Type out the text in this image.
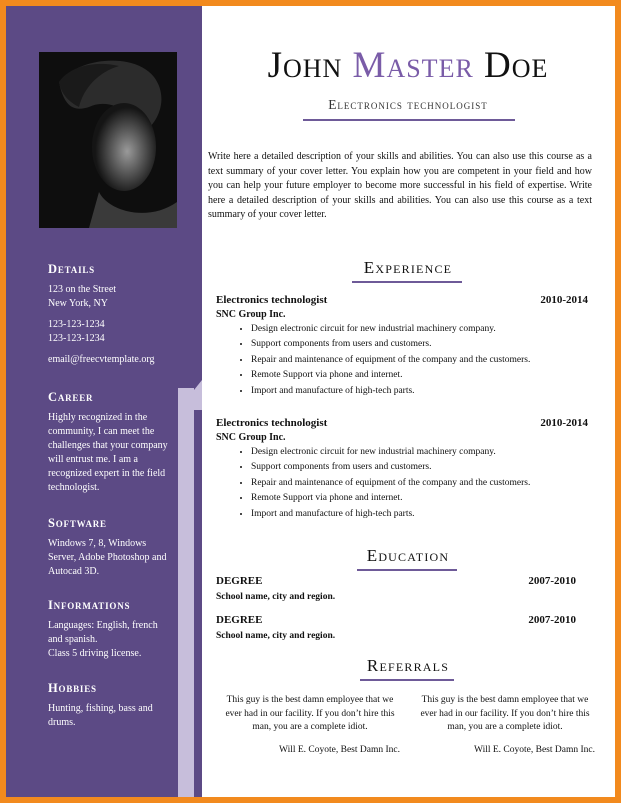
Details

123 on the Street

New York, NY

123-123-1234

123-123-1234

email@freecvtemplate.org

Career

Highly recognized in the community, I can meet the challenges that your company will entrust me. I am a recognized expert in the field technologist.

Software

Windows 7, 8, Windows Server, Adobe Photoshop and Autocad 3D.

Informations

Languages: English, french and spanish.

Class 5 driving license.

Hobbies

Hunting, fishing, bass and drums.

John Master Doe
Electronics technologist
Write here a detailed description of your skills and abilities. You can also use this course as a text summary of your cover letter. You explain how you are competent in your field and how you can help your future employer to become more successful in his field of expertise. Write here a detailed description of your skills and abilities. You can also use this course as a text summary of your cover letter.
Experience
Electronics technologist	2010-2014
SNC Group Inc.
• Design electronic circuit for new industrial machinery company.
• Support components from users and customers.
• Repair and maintenance of equipment of the company and the customers.
• Remote Support via phone and internet.
• Import and manufacture of high-tech parts.
Electronics technologist	2010-2014
SNC Group Inc.
• Design electronic circuit for new industrial machinery company.
• Support components from users and customers.
• Repair and maintenance of equipment of the company and the customers.
• Remote Support via phone and internet.
• Import and manufacture of high-tech parts.
Education
DEGREE	2007-2010
School name, city and region.
DEGREE	2007-2010
School name, city and region.
Referrals
This guy is the best damn employee that we ever had in our facility. If you don’t hire this man, you are a complete idiot.
Will E. Coyote, Best Damn Inc.
This guy is the best damn employee that we ever had in our facility. If you don’t hire this man, you are a complete idiot.
Will E. Coyote, Best Damn Inc.
